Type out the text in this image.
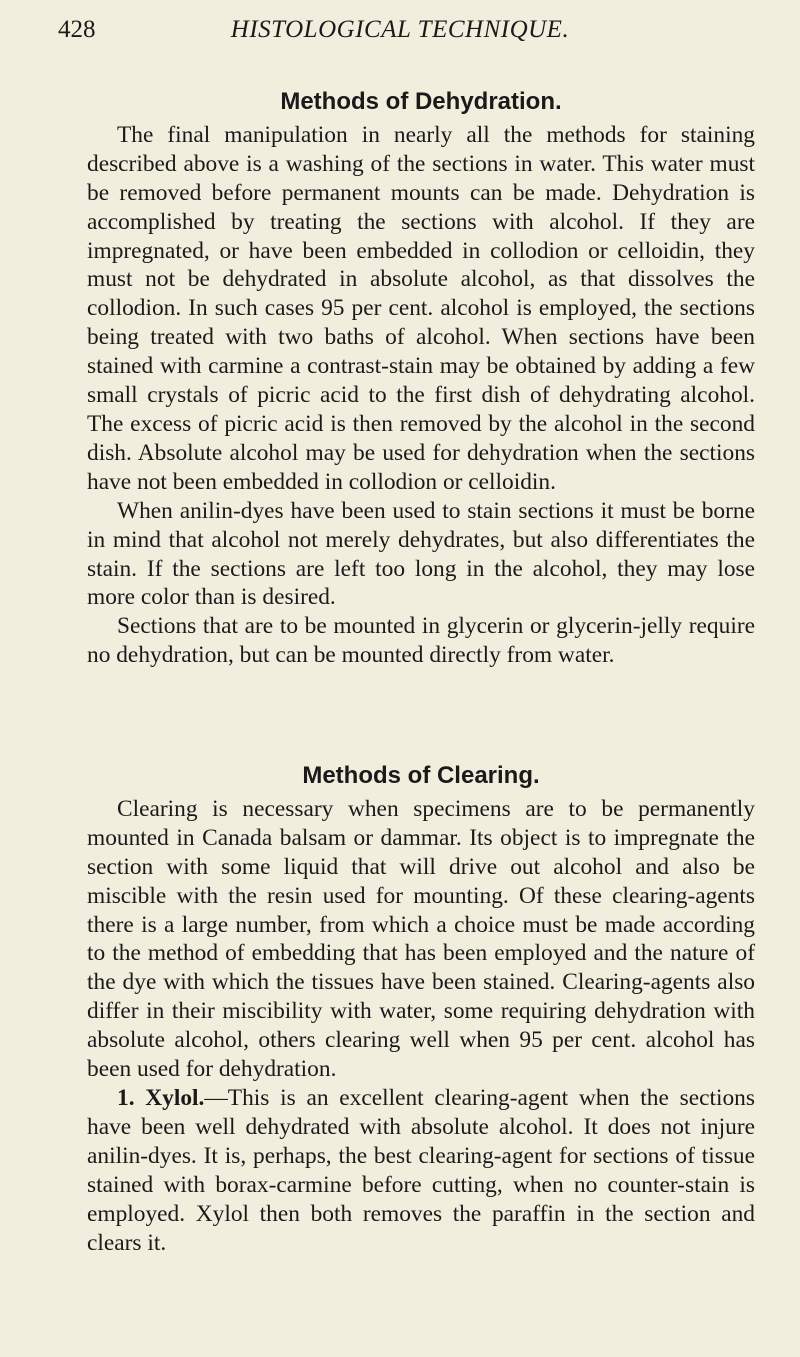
428	HISTOLOGICAL TECHNIQUE.
Methods of Dehydration.

The final manipulation in nearly all the methods for staining described above is a washing of the sections in water. This water must be removed before permanent mounts can be made. Dehydration is accomplished by treating the sections with alcohol. If they are impregnated, or have been embedded in collodion or celloidin, they must not be dehydrated in absolute alcohol, as that dissolves the collodion. In such cases 95 per cent. alcohol is employed, the sections being treated with two baths of alcohol. When sections have been stained with carmine a contrast-stain may be obtained by adding a few small crystals of picric acid to the first dish of dehydrating alcohol. The excess of picric acid is then removed by the alcohol in the second dish. Absolute alcohol may be used for dehydration when the sections have not been embedded in collodion or celloidin.

When anilin-dyes have been used to stain sections it must be borne in mind that alcohol not merely dehydrates, but also differentiates the stain. If the sections are left too long in the alcohol, they may lose more color than is desired.

Sections that are to be mounted in glycerin or glycerin-jelly require no dehydration, but can be mounted directly from water.

Methods of Clearing.

Clearing is necessary when specimens are to be permanently mounted in Canada balsam or dammar. Its object is to impregnate the section with some liquid that will drive out alcohol and also be miscible with the resin used for mounting. Of these clearing-agents there is a large number, from which a choice must be made according to the method of embedding that has been employed and the nature of the dye with which the tissues have been stained. Clearing-agents also differ in their miscibility with water, some requiring dehydration with absolute alcohol, others clearing well when 95 per cent. alcohol has been used for dehydration.

1. Xylol.—This is an excellent clearing-agent when the sections have been well dehydrated with absolute alcohol. It does not injure anilin-dyes. It is, perhaps, the best clearing-agent for sections of tissue stained with borax-carmine before cutting, when no counter-stain is employed. Xylol then both removes the paraffin in the section and clears it.
